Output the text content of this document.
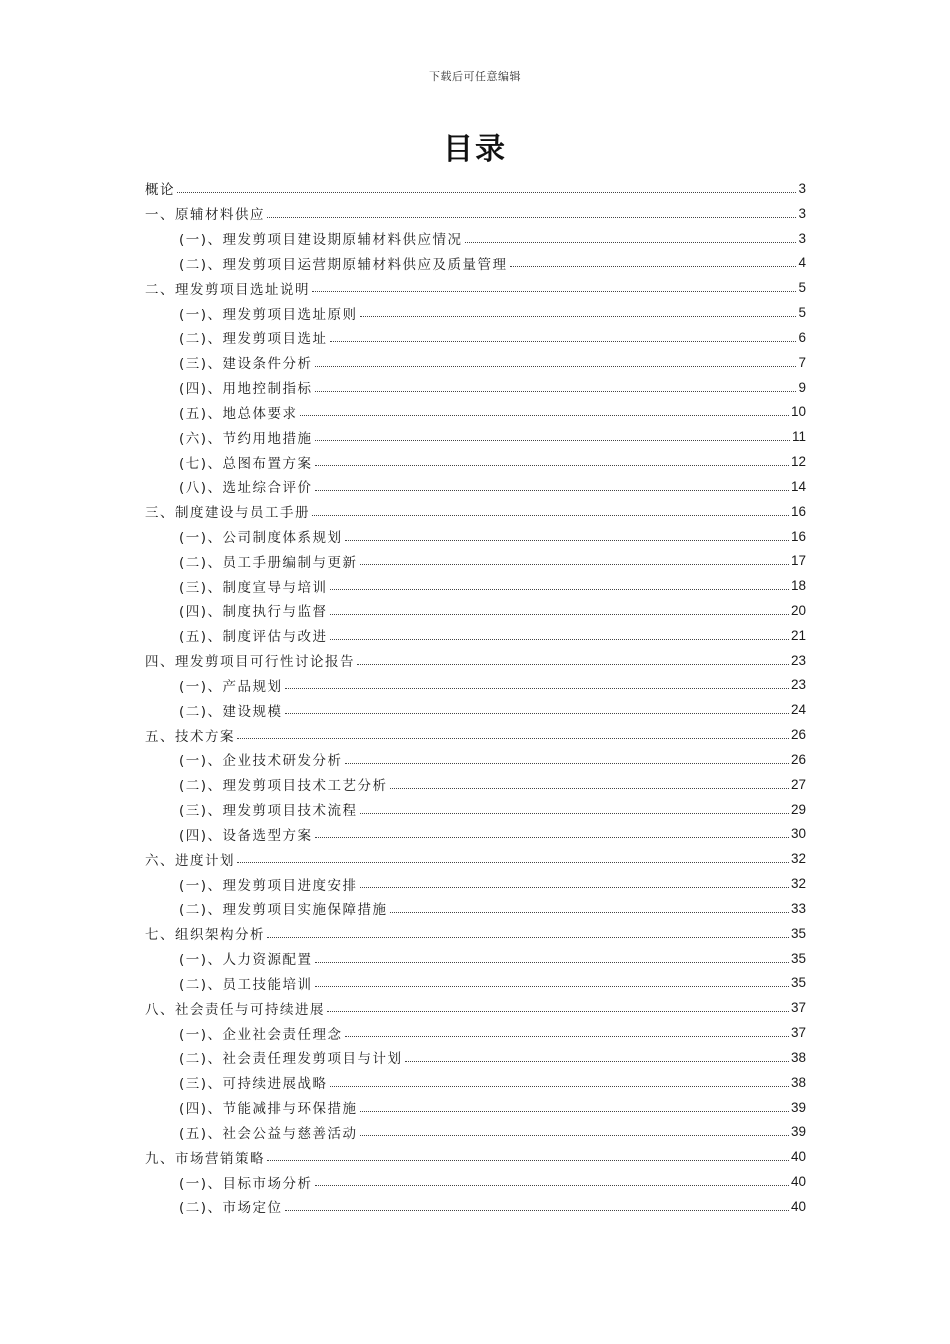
下载后可任意编辑
目录
概论	3
一、原辅材料供应	3
(一)、理发剪项目建设期原辅材料供应情况	3
(二)、理发剪项目运营期原辅材料供应及质量管理	4
二、理发剪项目选址说明	5
(一)、理发剪项目选址原则	5
(二)、理发剪项目选址	6
(三)、建设条件分析	7
(四)、用地控制指标	9
(五)、地总体要求	10
(六)、节约用地措施	11
(七)、总图布置方案	12
(八)、选址综合评价	14
三、制度建设与员工手册	16
(一)、公司制度体系规划	16
(二)、员工手册编制与更新	17
(三)、制度宣导与培训	18
(四)、制度执行与监督	20
(五)、制度评估与改进	21
四、理发剪项目可行性讨论报告	23
(一)、产品规划	23
(二)、建设规模	24
五、技术方案	26
(一)、企业技术研发分析	26
(二)、理发剪项目技术工艺分析	27
(三)、理发剪项目技术流程	29
(四)、设备选型方案	30
六、进度计划	32
(一)、理发剪项目进度安排	32
(二)、理发剪项目实施保障措施	33
七、组织架构分析	35
(一)、人力资源配置	35
(二)、员工技能培训	35
八、社会责任与可持续进展	37
(一)、企业社会责任理念	37
(二)、社会责任理发剪项目与计划	38
(三)、可持续进展战略	38
(四)、节能减排与环保措施	39
(五)、社会公益与慈善活动	39
九、市场营销策略	40
(一)、目标市场分析	40
(二)、市场定位	40
